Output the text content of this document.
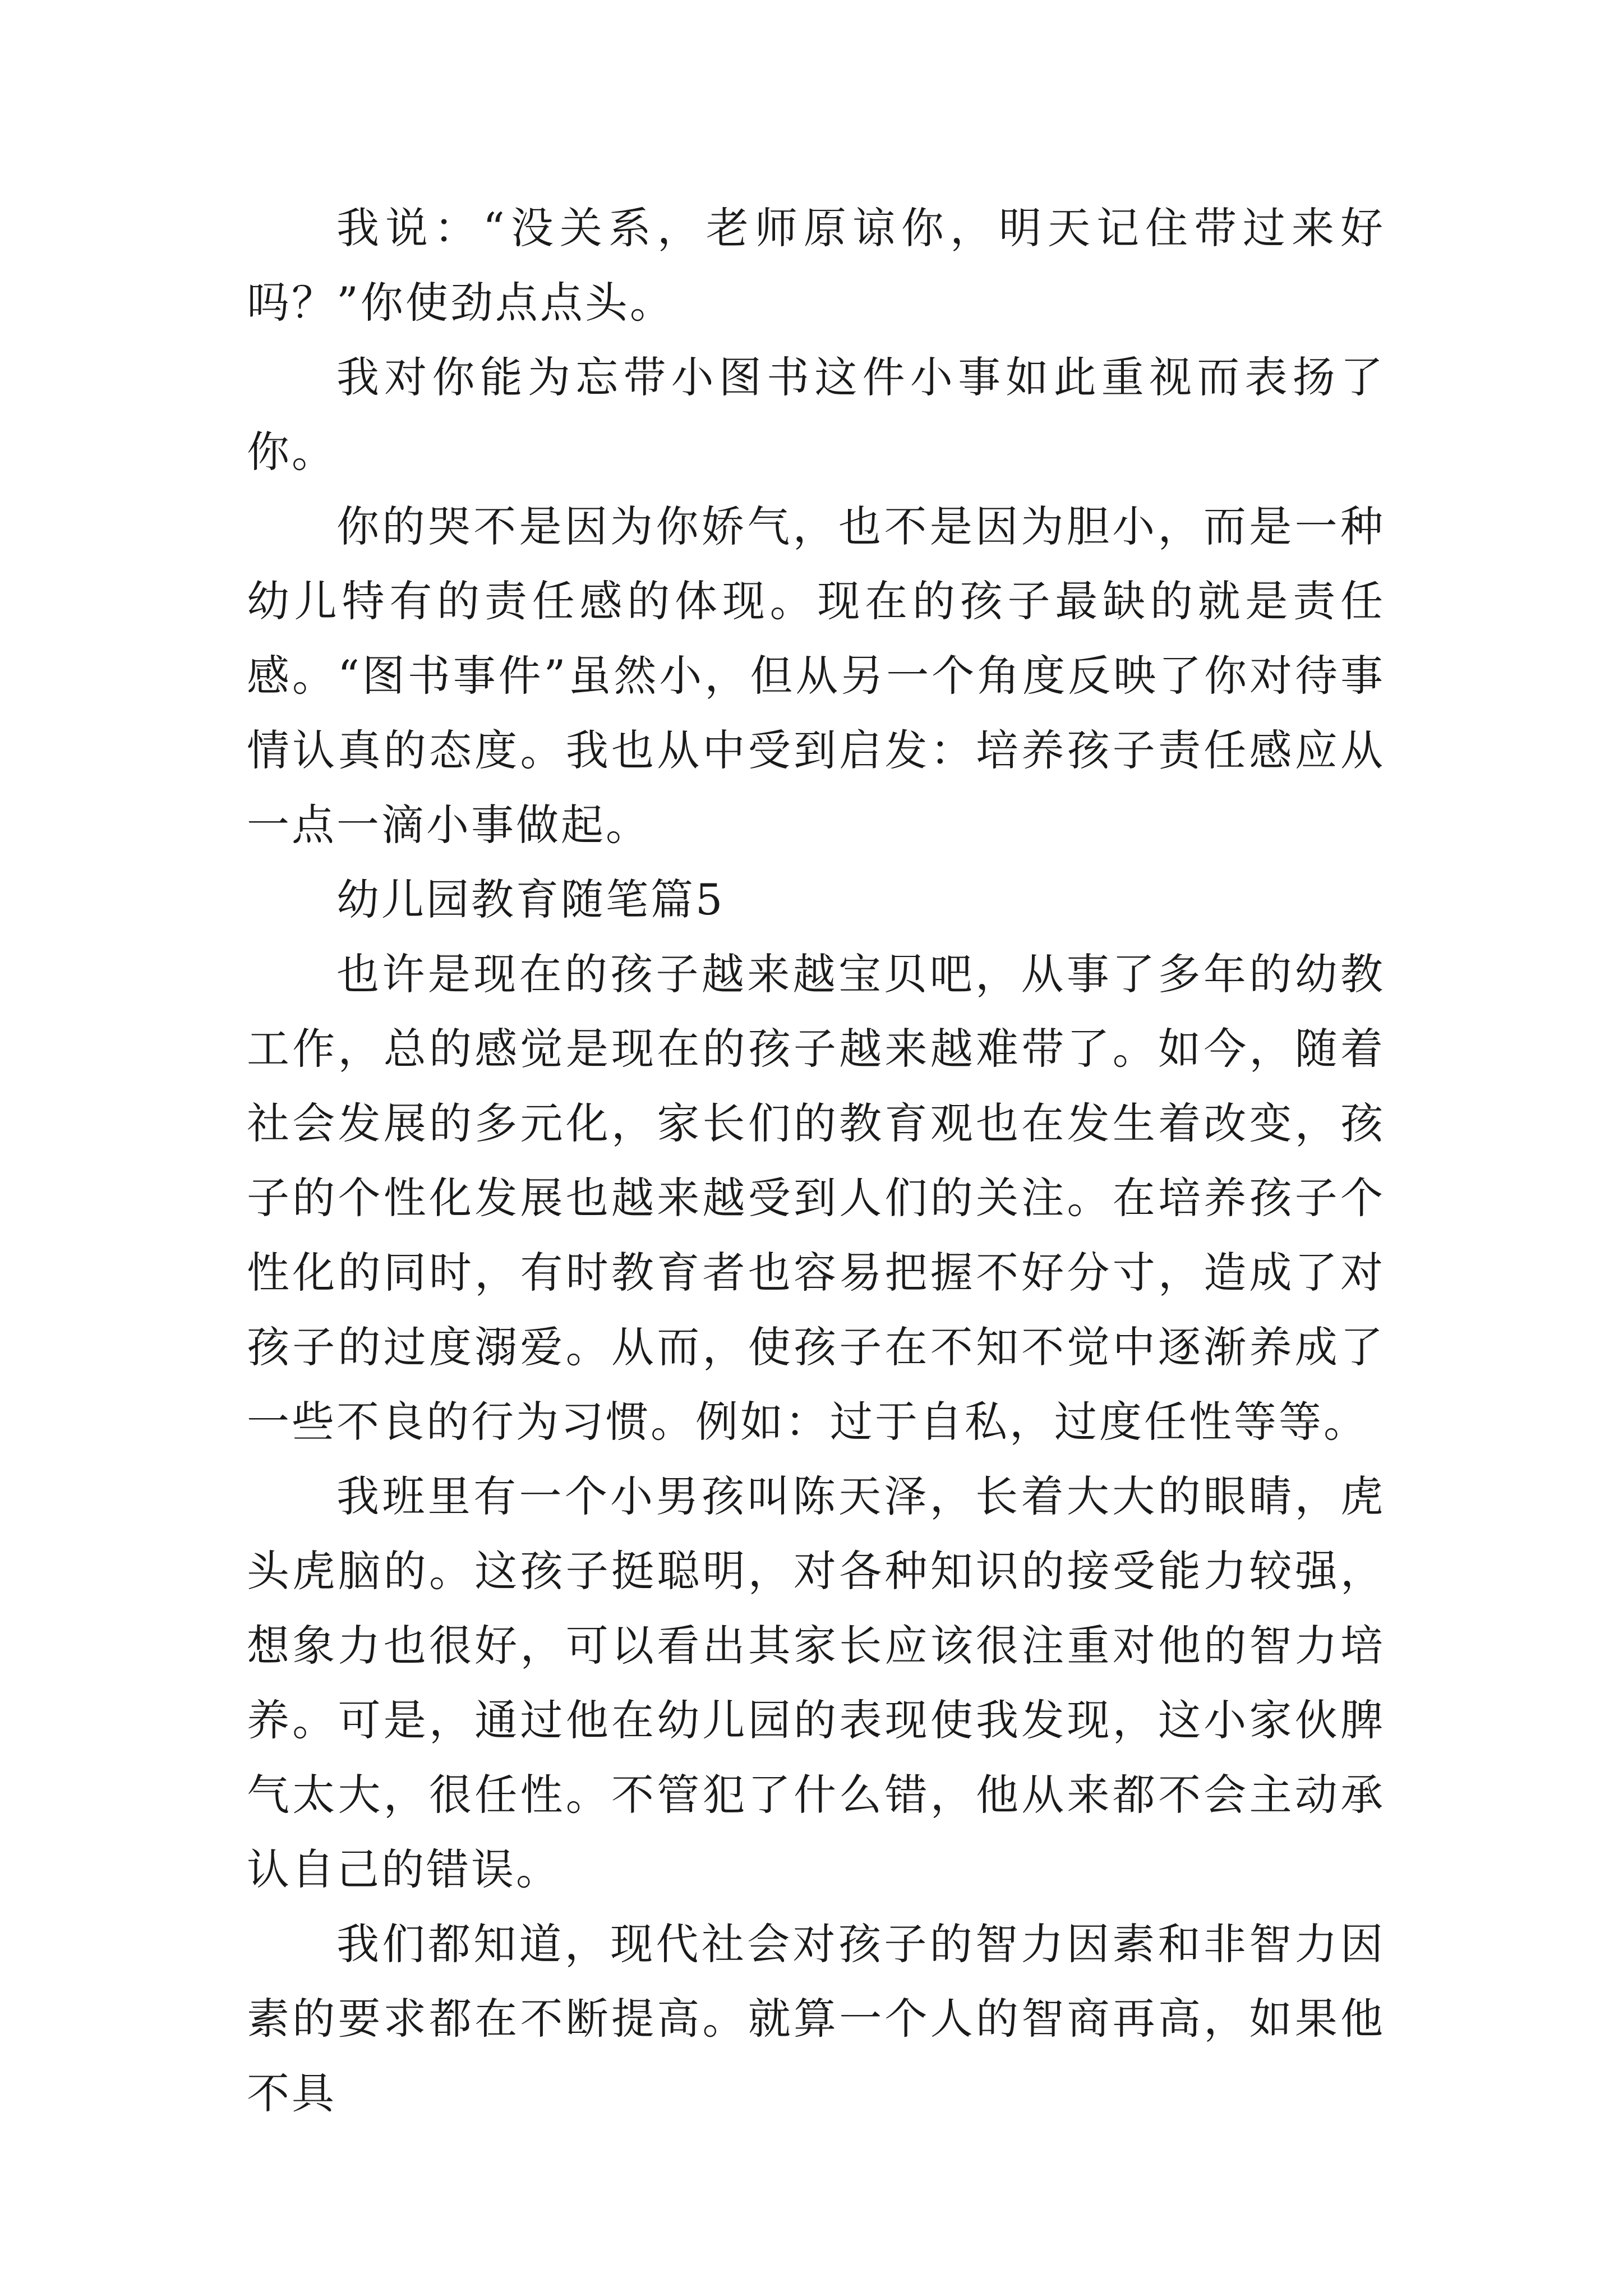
我说：“没关系，老师原谅你，明天记住带过来好吗？”你使劲点点头。

我对你能为忘带小图书这件小事如此重视而表扬了你。

你的哭不是因为你娇气，也不是因为胆小，而是一种幼儿特有的责任感的体现。现在的孩子最缺的就是责任感。“图书事件”虽然小，但从另一个角度反映了你对待事情认真的态度。我也从中受到启发：培养孩子责任感应从一点一滴小事做起。

幼儿园教育随笔篇5

也许是现在的孩子越来越宝贝吧，从事了多年的幼教工作，总的感觉是现在的孩子越来越难带了。如今，随着社会发展的多元化，家长们的教育观也在发生着改变，孩子的个性化发展也越来越受到人们的关注。在培养孩子个性化的同时，有时教育者也容易把握不好分寸，造成了对孩子的过度溺爱。从而，使孩子在不知不觉中逐渐养成了一些不良的行为习惯。例如：过于自私，过度任性等等。

我班里有一个小男孩叫陈天泽，长着大大的眼睛，虎头虎脑的。这孩子挺聪明，对各种知识的接受能力较强，想象力也很好，可以看出其家长应该很注重对他的智力培养。可是，通过他在幼儿园的表现使我发现，这小家伙脾气太大，很任性。不管犯了什么错，他从来都不会主动承认自己的错误。

我们都知道，现代社会对孩子的智力因素和非智力因素的要求都在不断提高。就算一个人的智商再高，如果他不具
